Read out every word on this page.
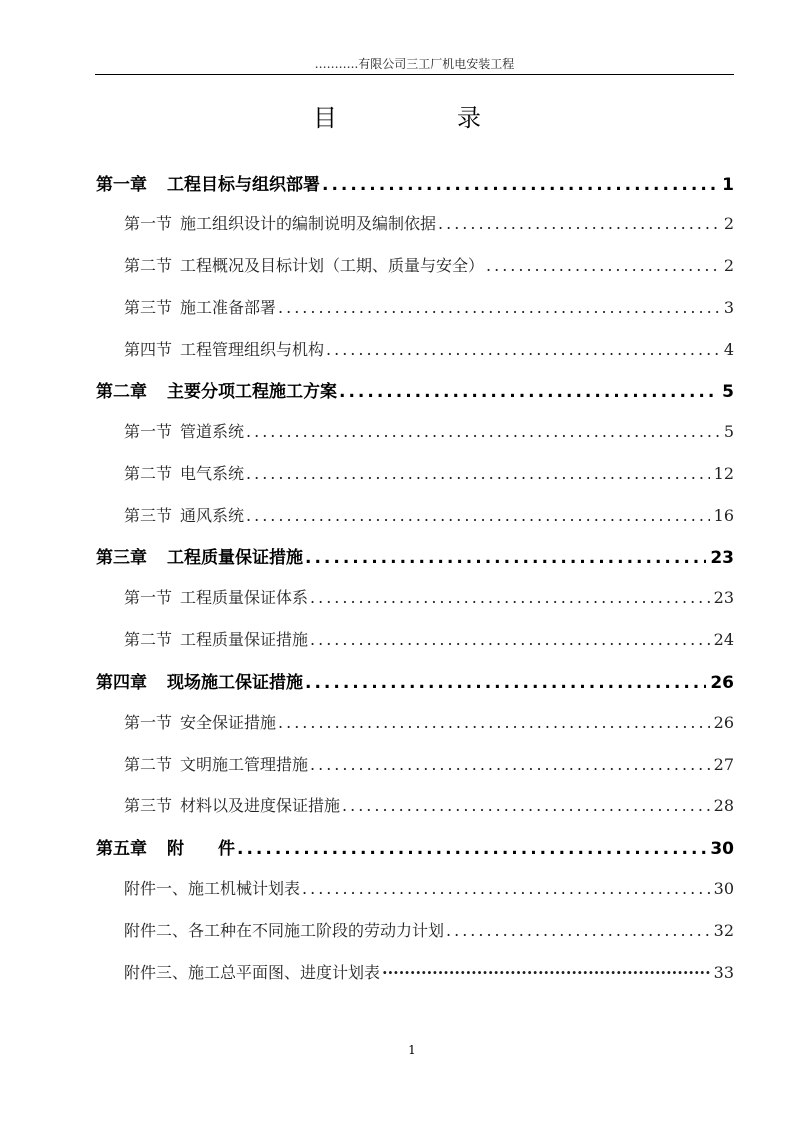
………..有限公司三工厂机电安装工程
目　录
第一章 工程目标与组织部署 .....	1
第一节 施工组织设计的编制说明及编制依据 .....	2
第二节 工程概况及目标计划（工期、质量与安全） .....	2
第三节 施工准备部署 .....	3
第四节 工程管理组织与机构 .....	4
第二章 主要分项工程施工方案 .....	5
第一节 管道系统 .....	5
第二节 电气系统 .....	12
第三节 通风系统 .....	16
第三章 工程质量保证措施 .....	23
第一节 工程质量保证体系 .....	23
第二节 工程质量保证措施 .....	24
第四章 现场施工保证措施 .....	26
第一节 安全保证措施 .....	26
第二节 文明施工管理措施 .....	27
第三节 材料以及进度保证措施 .....	28
第五章 附　　件 .....	30
附件一、施工机械计划表 .....	30
附件二、各工种在不同施工阶段的劳动力计划 .....	32
附件三、施工总平面图、进度计划表 ·····	33
1
